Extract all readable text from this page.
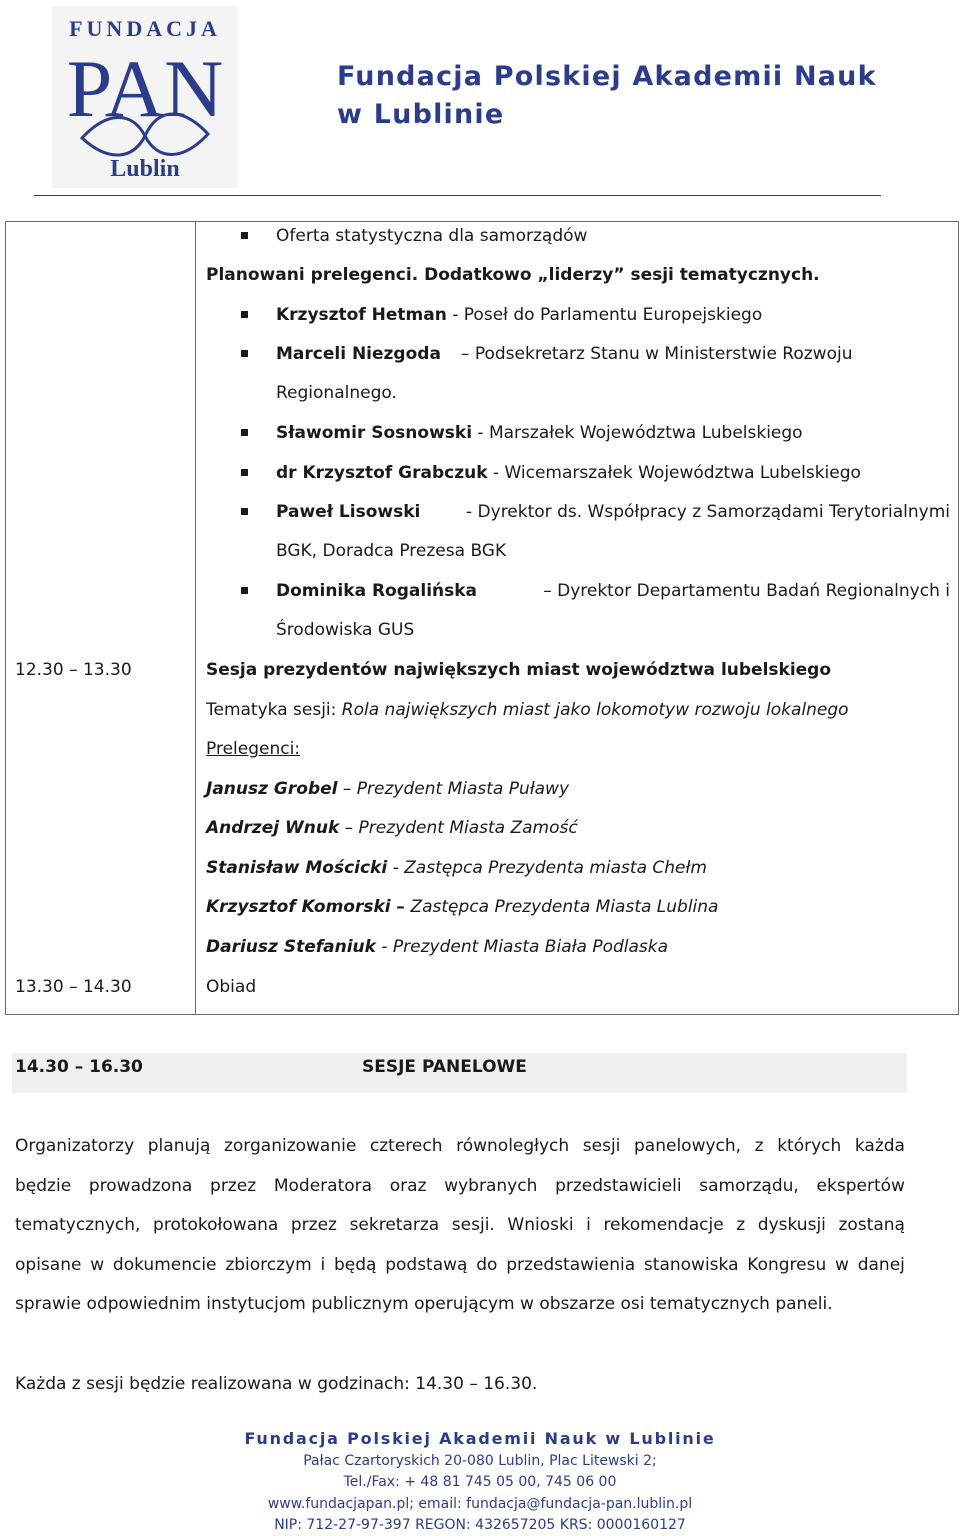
FUNDACJA
PAN
Lublin
Fundacja Polskiej Akademii Nauk
w Lublinie
Oferta statystyczna dla samorządów
Planowani prelegenci. Dodatkowo „liderzy” sesji tematycznych.
Krzysztof Hetman - Poseł do Parlamentu Europejskiego
Marceli Niezgoda – Podsekretarz Stanu w Ministerstwie Rozwoju
Regionalnego.
Sławomir Sosnowski - Marszałek Województwa Lubelskiego
dr Krzysztof Grabczuk - Wicemarszałek Województwa Lubelskiego
Paweł Lisowski	- Dyrektor ds. Współpracy z Samorządami Terytorialnymi
BGK, Doradca Prezesa BGK
Dominika Rogalińska	– Dyrektor Departamentu Badań Regionalnych i
Środowiska GUS
12.30 – 13.30	Sesja prezydentów największych miast województwa lubelskiego
Tematyka sesji: Rola największych miast jako lokomotyw rozwoju lokalnego
Prelegenci:
Janusz Grobel – Prezydent Miasta Puławy
Andrzej Wnuk – Prezydent Miasta Zamość
Stanisław Mościcki - Zastępca Prezydenta miasta Chełm
Krzysztof Komorski – Zastępca Prezydenta Miasta Lublina
Dariusz Stefaniuk - Prezydent Miasta Biała Podlaska
13.30 – 14.30	Obiad
14.30 – 16.30	SESJE PANELOWE
Organizatorzy planują zorganizowanie czterech równoległych sesji panelowych, z których każda
będzie prowadzona przez Moderatora oraz wybranych przedstawicieli samorządu, ekspertów
tematycznych, protokołowana przez sekretarza sesji. Wnioski i rekomendacje z dyskusji zostaną
opisane w dokumencie zbiorczym i będą podstawą do przedstawienia stanowiska Kongresu w danej
sprawie odpowiednim instytucjom publicznym operującym w obszarze osi tematycznych paneli.
Każda z sesji będzie realizowana w godzinach: 14.30 – 16.30.
Fundacja Polskiej Akademii Nauk w Lublinie
Pałac Czartoryskich 20-080 Lublin, Plac Litewski 2;
Tel./Fax: + 48 81 745 05 00, 745 06 00
www.fundacjapan.pl; email: fundacja@fundacja-pan.lublin.pl
NIP: 712-27-97-397 REGON: 432657205 KRS: 0000160127
